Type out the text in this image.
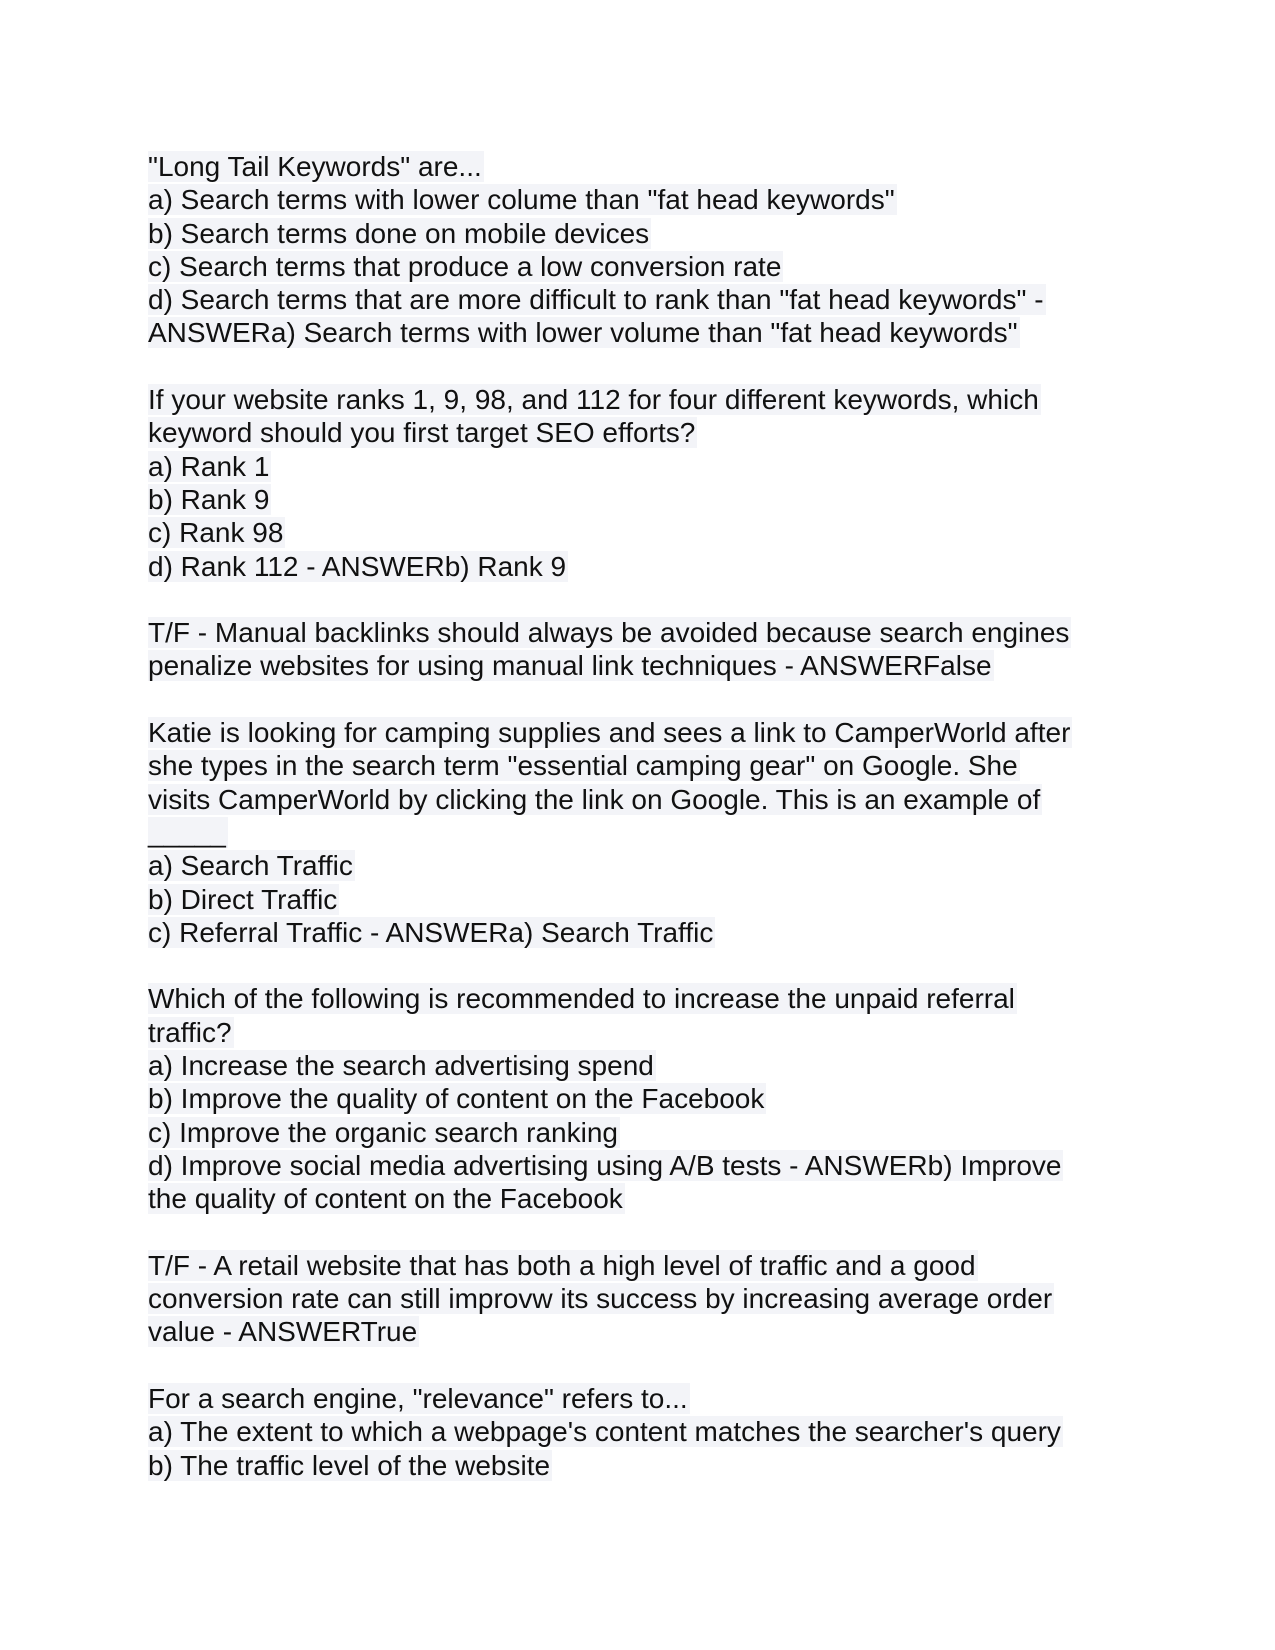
"Long Tail Keywords" are...
a) Search terms with lower colume than "fat head keywords"
b) Search terms done on mobile devices
c) Search terms that produce a low conversion rate
d) Search terms that are more difficult to rank than "fat head keywords" -
ANSWERa) Search terms with lower volume than "fat head keywords"
If your website ranks 1, 9, 98, and 112 for four different keywords, which
keyword should you first target SEO efforts?
a) Rank 1
b) Rank 9
c) Rank 98
d) Rank 112 - ANSWERb) Rank 9
T/F - Manual backlinks should always be avoided because search engines
penalize websites for using manual link techniques - ANSWERFalse
Katie is looking for camping supplies and sees a link to CamperWorld after
she types in the search term "essential camping gear" on Google. She
visits CamperWorld by clicking the link on Google. This is an example of
_____
a) Search Traffic
b) Direct Traffic
c) Referral Traffic - ANSWERa) Search Traffic
Which of the following is recommended to increase the unpaid referral
traffic?
a) Increase the search advertising spend
b) Improve the quality of content on the Facebook
c) Improve the organic search ranking
d) Improve social media advertising using A/B tests - ANSWERb) Improve
the quality of content on the Facebook
T/F - A retail website that has both a high level of traffic and a good
conversion rate can still improvw its success by increasing average order
value - ANSWERTrue
For a search engine, "relevance" refers to...
a) The extent to which a webpage's content matches the searcher's query
b) The traffic level of the website
